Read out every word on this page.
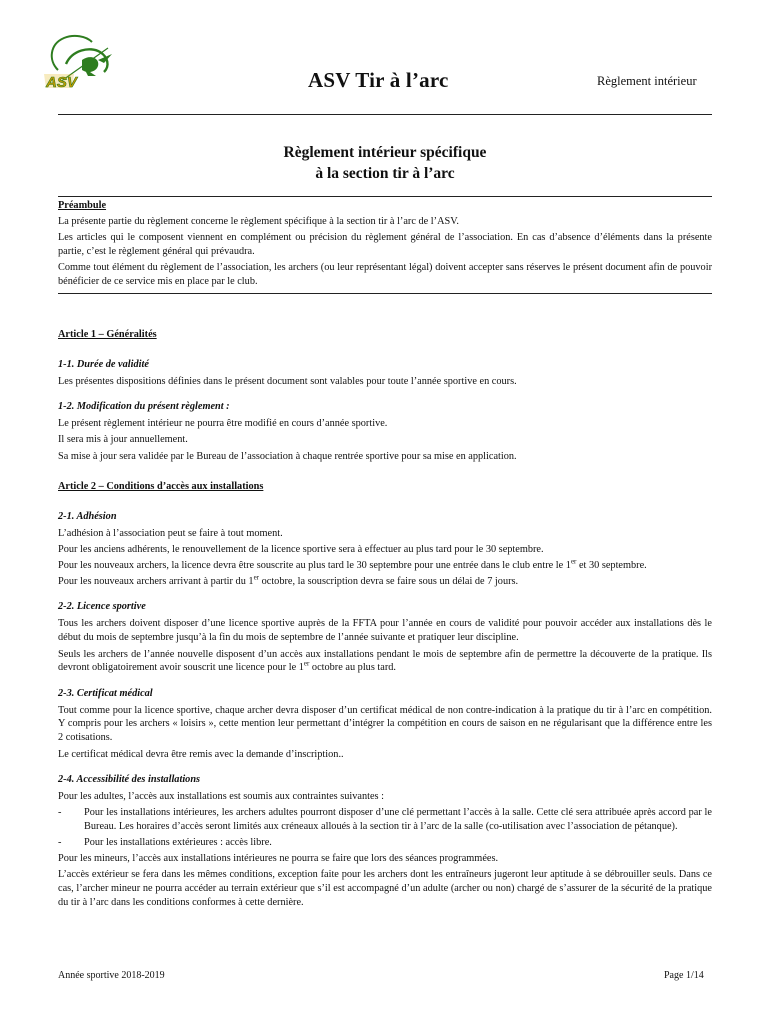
ASV	ASV Tir à l’arc	Règlement intérieur
Règlement intérieur spécifique
à la section tir à l’arc
Préambule

La présente partie du règlement concerne le règlement spécifique à la section tir à l’arc de l’ASV.

Les articles qui le composent viennent en complément ou précision du règlement général de l’association. En cas d’absence d’éléments dans la présente partie, c’est le règlement général qui prévaudra.

Comme tout élément du règlement de l’association, les archers (ou leur représentant légal) doivent accepter sans réserves le présent document afin de pouvoir bénéficier de ce service mis en place par le club.

Article 1 – Généralités
1-1. Durée de validité

Les présentes dispositions définies dans le présent document sont valables pour toute l’année sportive en cours.

1-2. Modification du présent règlement :

Le présent règlement intérieur ne pourra être modifié en cours d’année sportive.

Il sera mis à jour annuellement.

Sa mise à jour sera validée par le Bureau de l’association à chaque rentrée sportive pour sa mise en application.

Article 2 – Conditions d’accès aux installations
2-1. Adhésion

L’adhésion à l’association peut se faire à tout moment.

Pour les anciens adhérents, le renouvellement de la licence sportive sera à effectuer au plus tard pour le 30 septembre.

Pour les nouveaux archers, la licence devra être souscrite au plus tard le 30 septembre pour une entrée dans le club entre le 1er et 30 septembre.

Pour les nouveaux archers arrivant à partir du 1er octobre, la souscription devra se faire sous un délai de 7 jours.

2-2. Licence sportive

Tous les archers doivent disposer d’une licence sportive auprès de la FFTA pour l’année en cours de validité pour pouvoir accéder aux installations dès le début du mois de septembre jusqu’à la fin du mois de septembre de l’année suivante et pratiquer leur discipline.

Seuls les archers de l’année nouvelle disposent d’un accès aux installations pendant le mois de septembre afin de permettre la découverte de la pratique. Ils devront obligatoirement avoir souscrit une licence pour le 1er octobre au plus tard.

2-3. Certificat médical

Tout comme pour la licence sportive, chaque archer devra disposer d’un certificat médical de non contre-indication à la pratique du tir à l’arc en compétition. Y compris pour les archers « loisirs », cette mention leur permettant d’intégrer la compétition en cours de saison en ne régularisant que la différence entre les 2 cotisations.

Le certificat médical devra être remis avec la demande d’inscription..

2-4. Accessibilité des installations

Pour les adultes, l’accès aux installations est soumis aux contraintes suivantes :

-	Pour les installations intérieures, les archers adultes pourront disposer d’une clé permettant l’accès à la salle. Cette clé sera attribuée après accord par le Bureau. Les horaires d’accès seront limités aux créneaux alloués à la section tir à l’arc de la salle (co-utilisation avec l’association de pétanque).
-	Pour les installations extérieures : accès libre.

Pour les mineurs, l’accès aux installations intérieures ne pourra se faire que lors des séances programmées.

L’accès extérieur se fera dans les mêmes conditions, exception faite pour les archers dont les entraîneurs jugeront leur aptitude à se débrouiller seuls. Dans ce cas, l’archer mineur ne pourra accéder au terrain extérieur que s’il est accompagné d’un adulte (archer ou non) chargé de s’assurer de la sécurité de la pratique du tir à l’arc dans les conditions conformes à cette dernière.

Année sportive 2018-2019	Page 1/14
